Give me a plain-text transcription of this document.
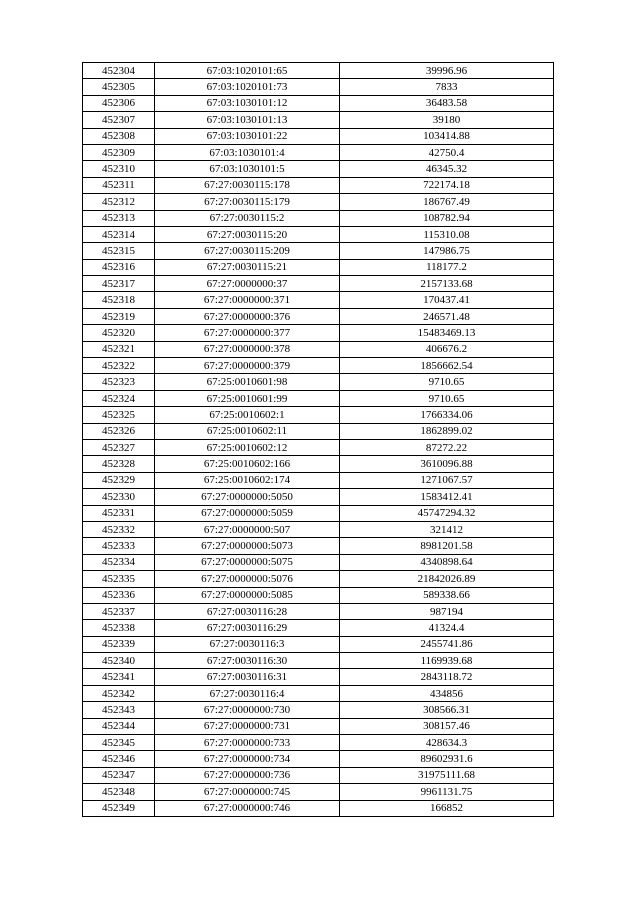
452304	67:03:1020101:65	39996.96
452305	67:03:1020101:73	7833
452306	67:03:1030101:12	36483.58
452307	67:03:1030101:13	39180
452308	67:03:1030101:22	103414.88
452309	67:03:1030101:4	42750.4
452310	67:03:1030101:5	46345.32
452311	67:27:0030115:178	722174.18
452312	67:27:0030115:179	186767.49
452313	67:27:0030115:2	108782.94
452314	67:27:0030115:20	115310.08
452315	67:27:0030115:209	147986.75
452316	67:27:0030115:21	118177.2
452317	67:27:0000000:37	2157133.68
452318	67:27:0000000:371	170437.41
452319	67:27:0000000:376	246571.48
452320	67:27:0000000:377	15483469.13
452321	67:27:0000000:378	406676.2
452322	67:27:0000000:379	1856662.54
452323	67:25:0010601:98	9710.65
452324	67:25:0010601:99	9710.65
452325	67:25:0010602:1	1766334.06
452326	67:25:0010602:11	1862899.02
452327	67:25:0010602:12	87272.22
452328	67:25:0010602:166	3610096.88
452329	67:25:0010602:174	1271067.57
452330	67:27:0000000:5050	1583412.41
452331	67:27:0000000:5059	45747294.32
452332	67:27:0000000:507	321412
452333	67:27:0000000:5073	8981201.58
452334	67:27:0000000:5075	4340898.64
452335	67:27:0000000:5076	21842026.89
452336	67:27:0000000:5085	589338.66
452337	67:27:0030116:28	987194
452338	67:27:0030116:29	41324.4
452339	67:27:0030116:3	2455741.86
452340	67:27:0030116:30	1169939.68
452341	67:27:0030116:31	2843118.72
452342	67:27:0030116:4	434856
452343	67:27:0000000:730	308566.31
452344	67:27:0000000:731	308157.46
452345	67:27:0000000:733	428634.3
452346	67:27:0000000:734	89602931.6
452347	67:27:0000000:736	31975111.68
452348	67:27:0000000:745	9961131.75
452349	67:27:0000000:746	166852
